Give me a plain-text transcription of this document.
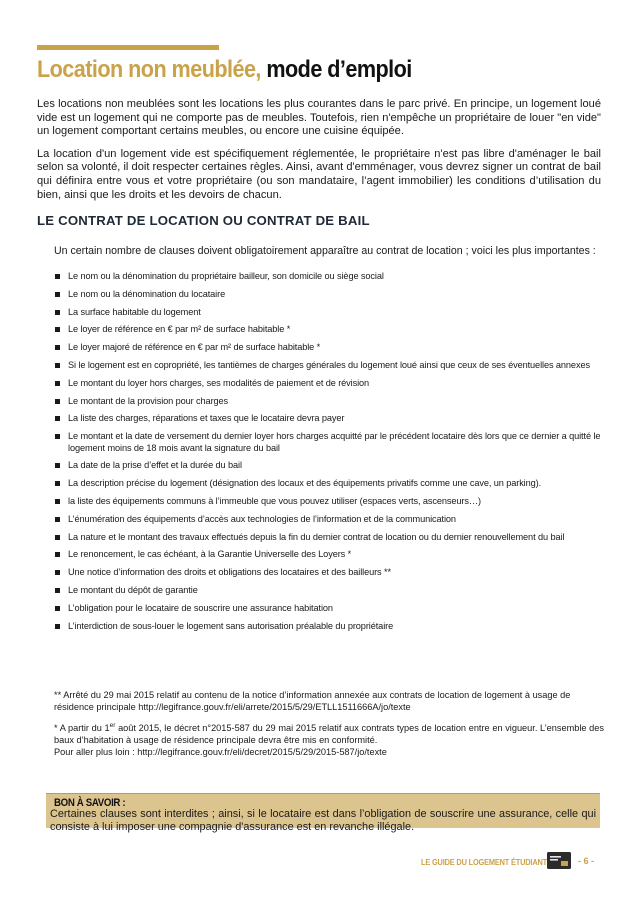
Location non meublée, mode d’emploi

Les locations non meublées sont les locations les plus courantes dans le parc privé. En principe, un logement loué vide est un logement qui ne comporte pas de meubles. Toutefois, rien n'empêche un propriétaire de louer "en vide" un logement comportant certains meubles, ou encore une cuisine équipée.

La location d'un logement vide est spécifiquement réglementée, le propriétaire n'est pas libre d'aménager le bail selon sa volonté, il doit respecter certaines règles. Ainsi, avant d'emménager, vous devrez signer un contrat de bail qui définira entre vous et votre propriétaire (ou son mandataire, l’agent immobilier) les conditions d’utilisation du bien, ainsi que les droits et les devoirs de chacun.

LE CONTRAT DE LOCATION OU CONTRAT DE BAIL
Un certain nombre de clauses doivent obligatoirement apparaître au contrat de location ; voici les plus importantes :
Le nom ou la dénomination du propriétaire bailleur, son domicile ou siège social
Le nom ou la dénomination du locataire
La surface habitable du logement
Le loyer de référence en € par m² de surface habitable *
Le loyer majoré de référence en € par m² de surface habitable *
Si le logement est en copropriété, les tantièmes de charges générales du logement loué ainsi que ceux de ses éventuelles annexes
Le montant du loyer hors charges, ses modalités de paiement et de révision
Le montant de la provision pour charges
La liste des charges, réparations et taxes que le locataire devra payer
Le montant et la date de versement du dernier loyer hors charges acquitté par le précédent locataire dès lors que ce dernier a quitté le logement moins de 18 mois avant la signature du bail
La date de la prise d’effet et la durée du bail
La description précise du logement (désignation des locaux et des équipements privatifs comme une cave, un parking).
la liste des équipements communs à l’immeuble que vous pouvez utiliser (espaces verts, ascenseurs…)
L’énumération des équipements d’accès aux technologies de l’information et de la communication
La nature et le montant des travaux effectués depuis la fin du dernier contrat de location ou du dernier renouvellement du bail
Le renoncement, le cas échéant, à la Garantie Universelle des Loyers *
Une notice d’information des droits et obligations des locataires et des bailleurs **
Le montant du dépôt de garantie
L’obligation pour le locataire de souscrire une assurance habitation
L’interdiction de sous-louer le logement sans autorisation préalable du propriétaire

** Arrêté du 29 mai 2015 relatif au contenu de la notice d’information annexée aux contrats de location de logement à usage de résidence principale http://legifrance.gouv.fr/eli/arrete/2015/5/29/ETLL1511666A/jo/texte

* A partir du 1er août 2015, le décret n°2015-587 du 29 mai 2015 relatif aux contrats types de location entre en vigueur. L’ensemble des baux d’habitation à usage de résidence principale devra être mis en conformité.

Pour aller plus loin : http://legifrance.gouv.fr/eli/decret/2015/5/29/2015-587/jo/texte

BON À SAVOIR :
Certaines clauses sont interdites ; ainsi, si le locataire est dans l’obligation de souscrire une assurance, celle qui consiste à lui imposer une compagnie d'assurance est en revanche illégale.
LE GUIDE DU LOGEMENT ÉTUDIANT	- 6 -
